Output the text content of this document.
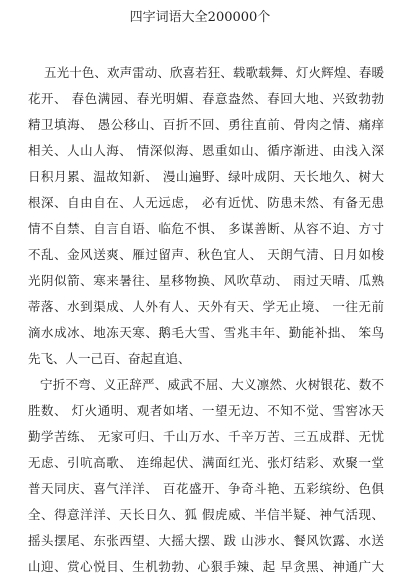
四字词语大全200000个
五光十色、欢声雷动、欣喜若狂、载歌载舞、灯火辉煌、春暖
花开、 春色满园、春光明媚、春意盎然、春回大地、兴致勃勃
精卫填海、 愚公移山、百折不回、勇往直前、骨肉之情、痛痒
相关、人山人海、 情深似海、恩重如山、循序渐进、由浅入深
日积月累、温故知新、 漫山遍野、绿叶成阴、天长地久、树大
根深、自由自在、人无远虑， 必有近忧、防患未然、有备无患
情不自禁、自言自语、临危不惧、 多谋善断、从容不迫、方寸
不乱、金风送爽、雁过留声、秋色宜人、 天朗气清、日月如梭
光阴似箭、寒来暑往、星移物换、风吹草动、 雨过天晴、瓜熟
蒂落、水到渠成、人外有人、天外有天、学无止境、 一往无前
滴水成冰、地冻天寒、鹅毛大雪、雪兆丰年、勤能补拙、 笨鸟
先飞、人一己百、奋起直追、
宁折不弯、义正辞严、威武不屈、大义凛然、火树银花、数不
胜数、 灯火通明、观者如堵、一望无边、不知不觉、雪窖冰天
勤学苦练、 无家可归、千山万水、千辛万苦、三五成群、无忧
无虑、引吭高歌、 连绵起伏、满面红光、张灯结彩、欢聚一堂
普天同庆、喜气洋洋、 百花盛开、争奇斗艳、五彩缤纷、色俱
全、得意洋洋、天长日久、狐 假虎威、半信半疑、神气活现、
摇头摆尾、东张西望、大摇大摆、跋 山涉水、餐风饮露、水送
山迎、赏心悦目、生机勃勃、心狠手辣、起 早贪黑、神通广大
